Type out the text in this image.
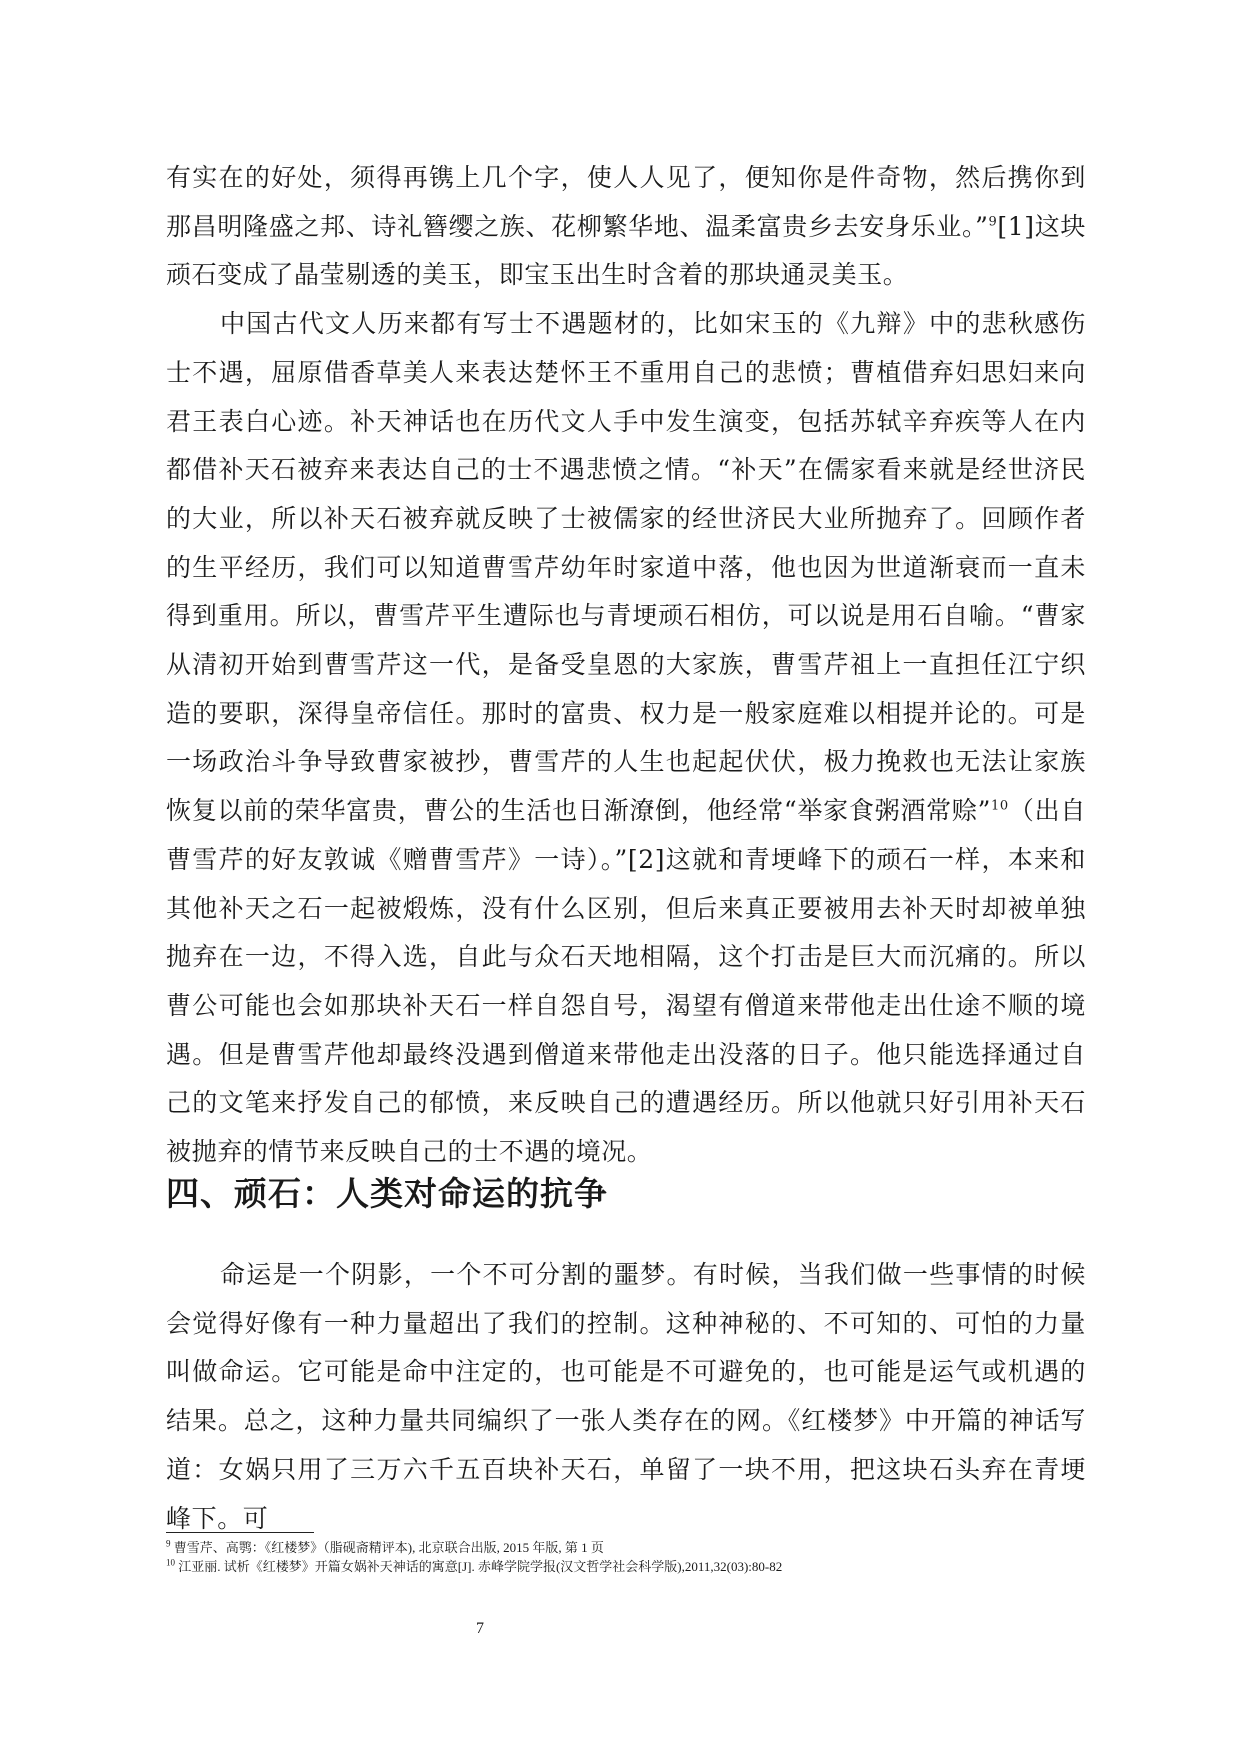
有实在的好处，须得再镌上几个字，使人人见了，便知你是件奇物，然后携你到那昌明隆盛之邦、诗礼簪缨之族、花柳繁华地、温柔富贵乡去安身乐业。”$^9$[1]这块顽石变成了晶莹剔透的美玉，即宝玉出生时含着的那块通灵美玉。

中国古代文人历来都有写士不遇题材的，比如宋玉的《九辩》中的悲秋感伤士不遇，屈原借香草美人来表达楚怀王不重用自己的悲愤；曹植借弃妇思妇来向君王表白心迹。补天神话也在历代文人手中发生演变，包括苏轼辛弃疾等人在内都借补天石被弃来表达自己的士不遇悲愤之情。“补天”在儒家看来就是经世济民的大业，所以补天石被弃就反映了士被儒家的经世济民大业所抛弃了。回顾作者的生平经历，我们可以知道曹雪芹幼年时家道中落，他也因为世道渐衰而一直未得到重用。所以，曹雪芹平生遭际也与青埂顽石相仿，可以说是用石自喻。“曹家从清初开始到曹雪芹这一代，是备受皇恩的大家族，曹雪芹祖上一直担任江宁织造的要职，深得皇帝信任。那时的富贵、权力是一般家庭难以相提并论的。可是一场政治斗争导致曹家被抄，曹雪芹的人生也起起伏伏，极力挽救也无法让家族恢复以前的荣华富贵，曹公的生活也日渐潦倒，他经常“举家食粥酒常赊”$^{10}$（出自曹雪芹的好友敦诚《赠曹雪芹》一诗）。”[2]这就和青埂峰下的顽石一样，本来和其他补天之石一起被煅炼，没有什么区别，但后来真正要被用去补天时却被单独抛弃在一边，不得入选，自此与众石天地相隔，这个打击是巨大而沉痛的。所以曹公可能也会如那块补天石一样自怨自号，渴望有僧道来带他走出仕途不顺的境遇。但是曹雪芹他却最终没遇到僧道来带他走出没落的日子。他只能选择通过自己的文笔来抒发自己的郁愤，来反映自己的遭遇经历。所以他就只好引用补天石被抛弃的情节来反映自己的士不遇的境况。

四、顽石：人类对命运的抗争

命运是一个阴影，一个不可分割的噩梦。有时候，当我们做一些事情的时候会觉得好像有一种力量超出了我们的控制。这种神秘的、不可知的、可怕的力量叫做命运。它可能是命中注定的，也可能是不可避免的，也可能是运气或机遇的结果。总之，这种力量共同编织了一张人类存在的网。《红楼梦》中开篇的神话写道：女娲只用了三万六千五百块补天石，单留了一块不用，把这块石头弃在青埂峰下。可

$^9$ 曹雪芹、高鹗：《红楼梦》（脂砚斋精评本), 北京联合出版, 2015 年版, 第 1 页
$^{10}$ 江亚丽. 试析《红楼梦》开篇女娲补天神话的寓意[J]. 赤峰学院学报(汉文哲学社会科学版),2011,32(03):80-82
7
